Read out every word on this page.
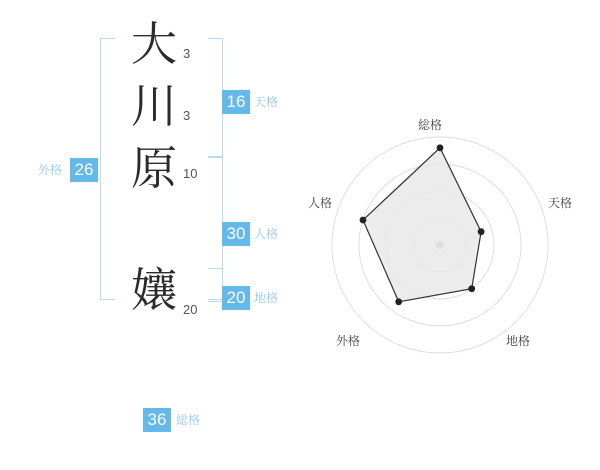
大 3
川 3
原 10
孃 20
16 天格
30 人格
20 地格
外格 26
36 総格
総格
天格
地格
外格
人格
